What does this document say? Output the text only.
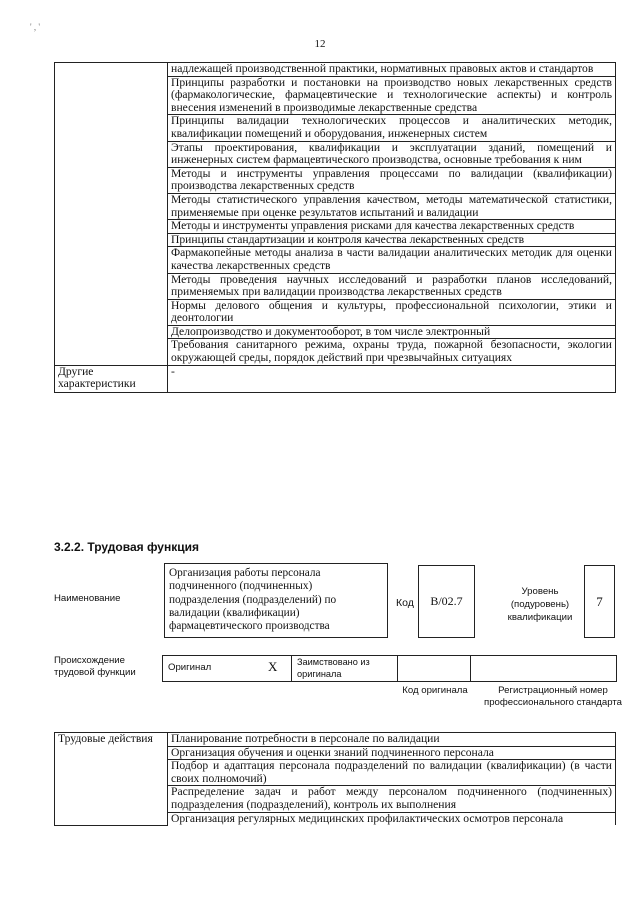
' , '
12
	надлежащей производственной практики, нормативных правовых актов и стандартов
	Принципы разработки и постановки на производство новых лекарственных средств (фармакологические, фармацевтические и технологические аспекты) и контроль внесения изменений в производимые лекарственные средства
	Принципы валидации технологических процессов и аналитических методик, квалификации помещений и оборудования, инженерных систем
	Этапы проектирования, квалификации и эксплуатации зданий, помещений и инженерных систем фармацевтического производства, основные требования к ним
	Методы и инструменты управления процессами по валидации (квалификации) производства лекарственных средств
	Методы статистического управления качеством, методы математической статистики, применяемые при оценке результатов испытаний и валидации
	Методы и инструменты управления рисками для качества лекарственных средств
	Принципы стандартизации и контроля качества лекарственных средств
	Фармакопейные методы анализа в части валидации аналитических методик для оценки качества лекарственных средств
	Методы проведения научных исследований и разработки планов исследований, применяемых при валидации производства лекарственных средств
	Нормы делового общения и культуры, профессиональной психологии, этики и деонтологии
	Делопроизводство и документооборот, в том числе электронный
	Требования санитарного режима, охраны труда, пожарной безопасности, экологии окружающей среды, порядок действий при чрезвычайных ситуациях
Другие характеристики	-
3.2.2. Трудовая функция
Наименование
Организация работы персонала подчиненного (подчиненных) подразделения (подразделений) по валидации (квалификации) фармацевтического производства
Код	B/02.7
Уровень (подуровень) квалификации
7
Происхождение трудовой функции	Оригинал	X Заимствовано из оригинала
Код оригинала	Регистрационный номер профессионального стандарта
Трудовые действия	Планирование потребности в персонале по валидации
Организация обучения и оценки знаний подчиненного персонала
Подбор и адаптация персонала подразделений по валидации (квалификации) (в части своих полномочий)
Распределение задач и работ между персоналом подчиненного (подчиненных) подразделения (подразделений), контроль их выполнения
Организация регулярных медицинских профилактических осмотров персонала
